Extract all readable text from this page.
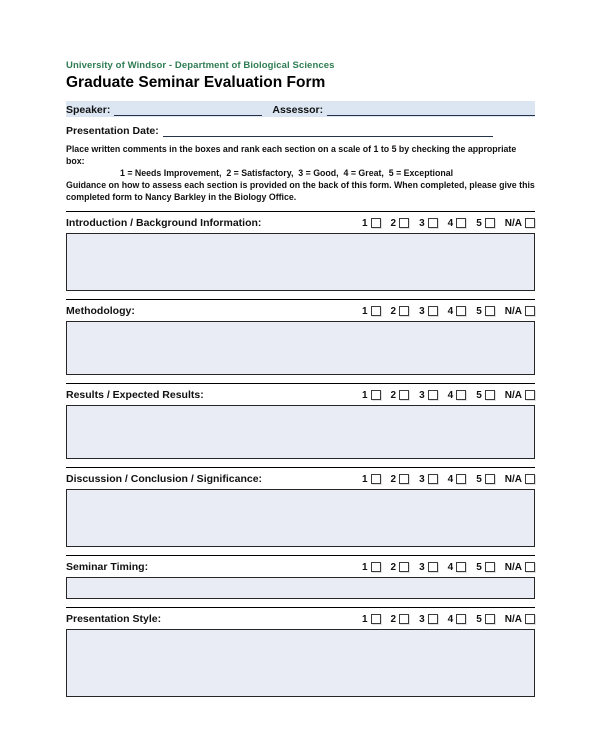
University of Windsor - Department of Biological Sciences
Graduate Seminar Evaluation Form
Speaker:	Assessor:
Presentation Date:
Place written comments in the boxes and rank each section on a scale of 1 to 5 by checking the appropriate box:
1 = Needs Improvement,  2 = Satisfactory,  3 = Good,  4 = Great,  5 = Exceptional
Guidance on how to assess each section is provided on the back of this form. When completed, please give this completed form to Nancy Barkley in the Biology Office.
Introduction / Background Information:	1 2 3 4 5 N/A
Methodology:	1 2 3 4 5 N/A
Results / Expected Results:	1 2 3 4 5 N/A
Discussion / Conclusion / Significance:	1 2 3 4 5 N/A
Seminar Timing:	1 2 3 4 5 N/A
Presentation Style:	1 2 3 4 5 N/A
